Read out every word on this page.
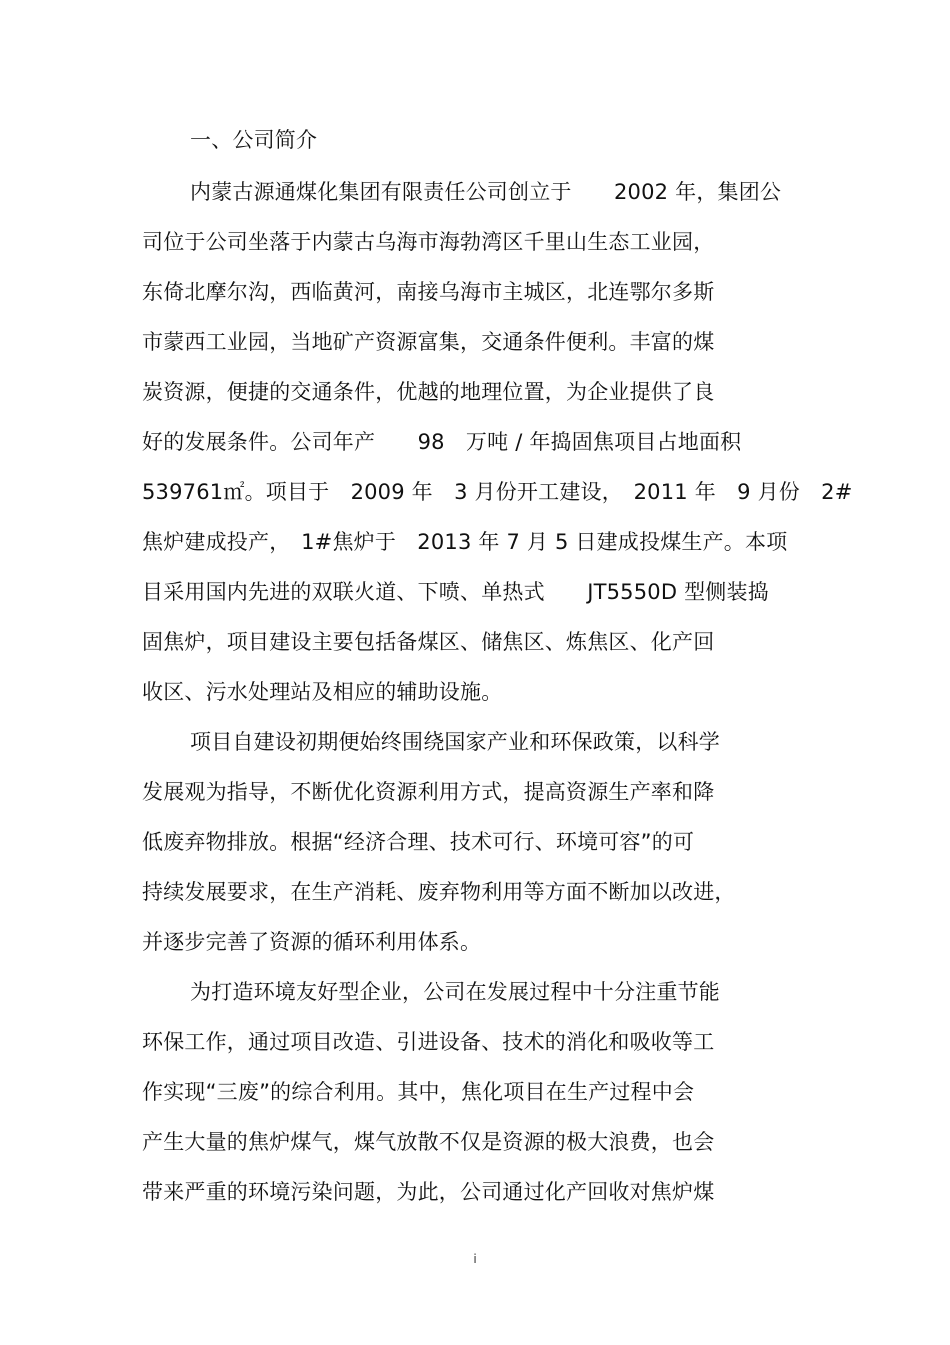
一、公司简介
内蒙古源通煤化集团有限责任公司创立于　　2002 年，集团公
司位于公司坐落于内蒙古乌海市海勃湾区千里山生态工业园，
东倚北摩尔沟，西临黄河，南接乌海市主城区，北连鄂尔多斯
市蒙西工业园，当地矿产资源富集，交通条件便利。丰富的煤
炭资源，便捷的交通条件，优越的地理位置，为企业提供了良
好的发展条件。公司年产　　98　万吨 / 年捣固焦项目占地面积
539761㎡。项目于　2009 年　3 月份开工建设，　2011 年　9 月份　2#
焦炉建成投产，　1#焦炉于　2013 年 7 月 5 日建成投煤生产。本项
目采用国内先进的双联火道、下喷、单热式　　JT5550D 型侧装捣
固焦炉，项目建设主要包括备煤区、储焦区、炼焦区、化产回
收区、污水处理站及相应的辅助设施。
项目自建设初期便始终围绕国家产业和环保政策，以科学
发展观为指导，不断优化资源利用方式，提高资源生产率和降
低废弃物排放。根据“经济合理、技术可行、环境可容”的可
持续发展要求，在生产消耗、废弃物利用等方面不断加以改进，
并逐步完善了资源的循环利用体系。
为打造环境友好型企业，公司在发展过程中十分注重节能
环保工作，通过项目改造、引进设备、技术的消化和吸收等工
作实现“三废”的综合利用。其中，焦化项目在生产过程中会
产生大量的焦炉煤气，煤气放散不仅是资源的极大浪费，也会
带来严重的环境污染问题，为此，公司通过化产回收对焦炉煤
i
